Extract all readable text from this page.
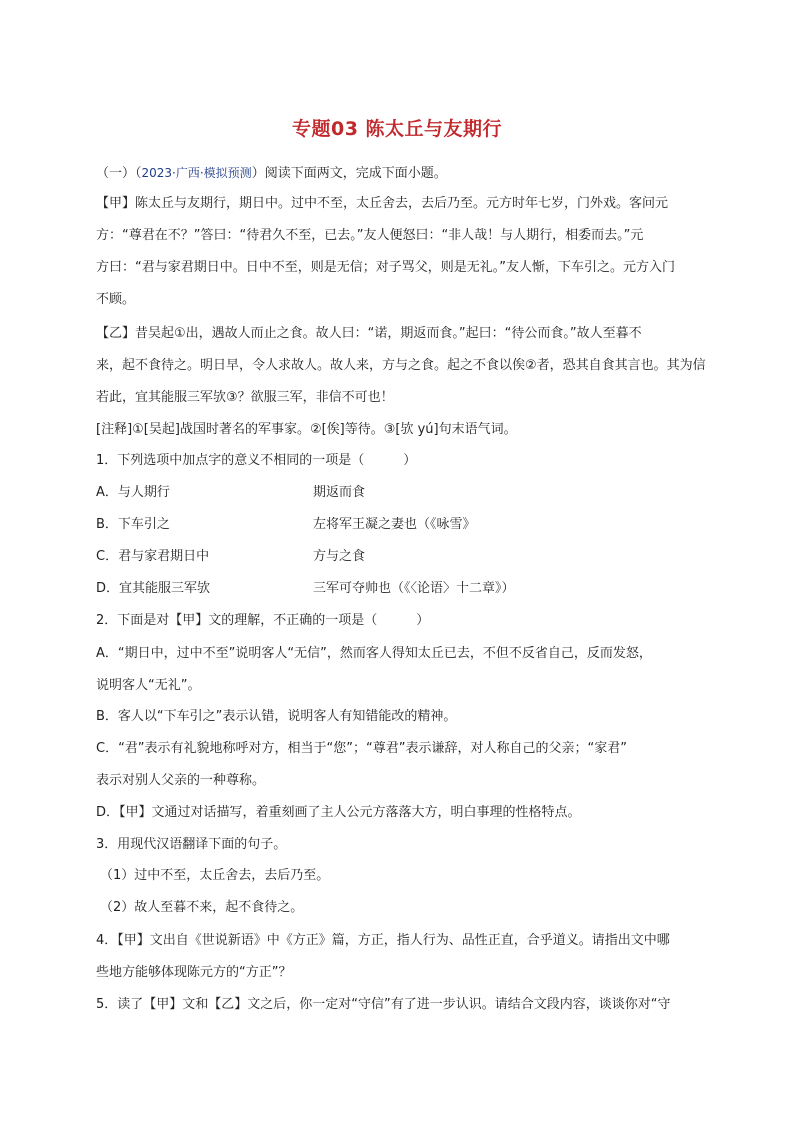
专题03 陈太丘与友期行
（一）（2023·广西·模拟预测）阅读下面两文，完成下面小题。
【甲】陈太丘与友期行，期日中。过中不至，太丘舍去，去后乃至。元方时年七岁，门外戏。客问元
方：“尊君在不？”答曰：“待君久不至，已去。”友人便怒曰：“非人哉！与人期行，相委而去。”元
方曰：“君与家君期日中。日中不至，则是无信；对子骂父，则是无礼。”友人惭，下车引之。元方入门
不顾。
【乙】昔吴起①出，遇故人而止之食。故人曰：“诺，期返而食。”起曰：“待公而食。”故人至暮不
来，起不食待之。明日早，令人求故人。故人来，方与之食。起之不食以俟②者，恐其自食其言也。其为信
若此，宜其能服三军欤③？欲服三军，非信不可也！
[注释]①[吴起]战国时著名的军事家。②[俟]等待。③[欤 yú]句末语气词。
1．下列选项中加点字的意义不相同的一项是（　　　）
A．与人期行	期返而食
B．下车引之	左将军王凝之妻也（《咏雪》
C．君与家君期日中	方与之食
D．宜其能服三军欤	三军可夺帅也（《〈论语〉十二章》）
2．下面是对【甲】文的理解，不正确的一项是（　　　）
A．“期日中，过中不至”说明客人“无信”，然而客人得知太丘已去，不但不反省自己，反而发怒，
说明客人“无礼”。
B．客人以“下车引之”表示认错，说明客人有知错能改的精神。
C．“君”表示有礼貌地称呼对方，相当于“您”；“尊君”表示谦辞，对人称自己的父亲；“家君”
表示对别人父亲的一种尊称。
D．【甲】文通过对话描写，着重刻画了主人公元方落落大方，明白事理的性格特点。
3．用现代汉语翻译下面的句子。
（1）过中不至，太丘舍去，去后乃至。
（2）故人至暮不来，起不食待之。
4．【甲】文出自《世说新语》中《方正》篇，方正，指人行为、品性正直，合乎道义。请指出文中哪
些地方能够体现陈元方的“方正”？
5．读了【甲】文和【乙】文之后，你一定对“守信”有了进一步认识。请结合文段内容，谈谈你对“守
